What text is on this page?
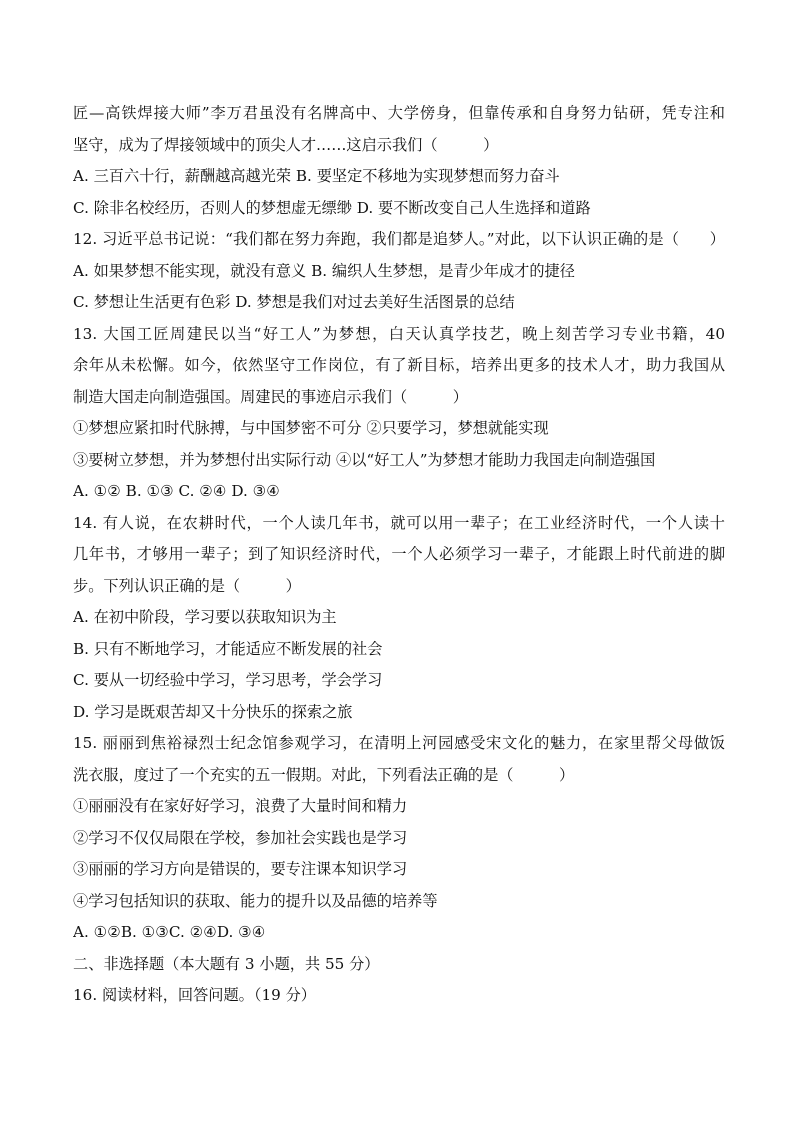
匠—高铁焊接大师”李万君虽没有名牌高中、大学傍身，但靠传承和自身努力钻研，凭专注和
坚守，成为了焊接领域中的顶尖人才……这启示我们（　　　）
A. 三百六十行，薪酬越高越光荣 B. 要坚定不移地为实现梦想而努力奋斗
C. 除非名校经历，否则人的梦想虚无缥缈 D. 要不断改变自己人生选择和道路
12. 习近平总书记说：“我们都在努力奔跑，我们都是追梦人。”对此，以下认识正确的是（　　）
A. 如果梦想不能实现，就没有意义 B. 编织人生梦想，是青少年成才的捷径
C. 梦想让生活更有色彩 D. 梦想是我们对过去美好生活图景的总结
13. 大国工匠周建民以当“好工人”为梦想，白天认真学技艺，晚上刻苦学习专业书籍，40
余年从未松懈。如今，依然坚守工作岗位，有了新目标，培养出更多的技术人才，助力我国从
制造大国走向制造强国。周建民的事迹启示我们（　　　）
①梦想应紧扣时代脉搏，与中国梦密不可分 ②只要学习，梦想就能实现
③要树立梦想，并为梦想付出实际行动 ④以“好工人”为梦想才能助力我国走向制造强国
A. ①② B. ①③ C. ②④ D. ③④
14. 有人说，在农耕时代，一个人读几年书，就可以用一辈子；在工业经济时代，一个人读十
几年书，才够用一辈子；到了知识经济时代，一个人必须学习一辈子，才能跟上时代前进的脚
步。下列认识正确的是（　　　）
A. 在初中阶段，学习要以获取知识为主
B. 只有不断地学习，才能适应不断发展的社会
C. 要从一切经验中学习，学习思考，学会学习
D. 学习是既艰苦却又十分快乐的探索之旅
15. 丽丽到焦裕禄烈士纪念馆参观学习，在清明上河园感受宋文化的魅力，在家里帮父母做饭
洗衣服，度过了一个充实的五一假期。对此，下列看法正确的是（　　　）
①丽丽没有在家好好学习，浪费了大量时间和精力
②学习不仅仅局限在学校，参加社会实践也是学习
③丽丽的学习方向是错误的，要专注课本知识学习
④学习包括知识的获取、能力的提升以及品德的培养等
A. ①②B. ①③C. ②④D. ③④
二、非选择题（本大题有 3 小题，共 55 分）
16. 阅读材料，回答问题。（19 分）
